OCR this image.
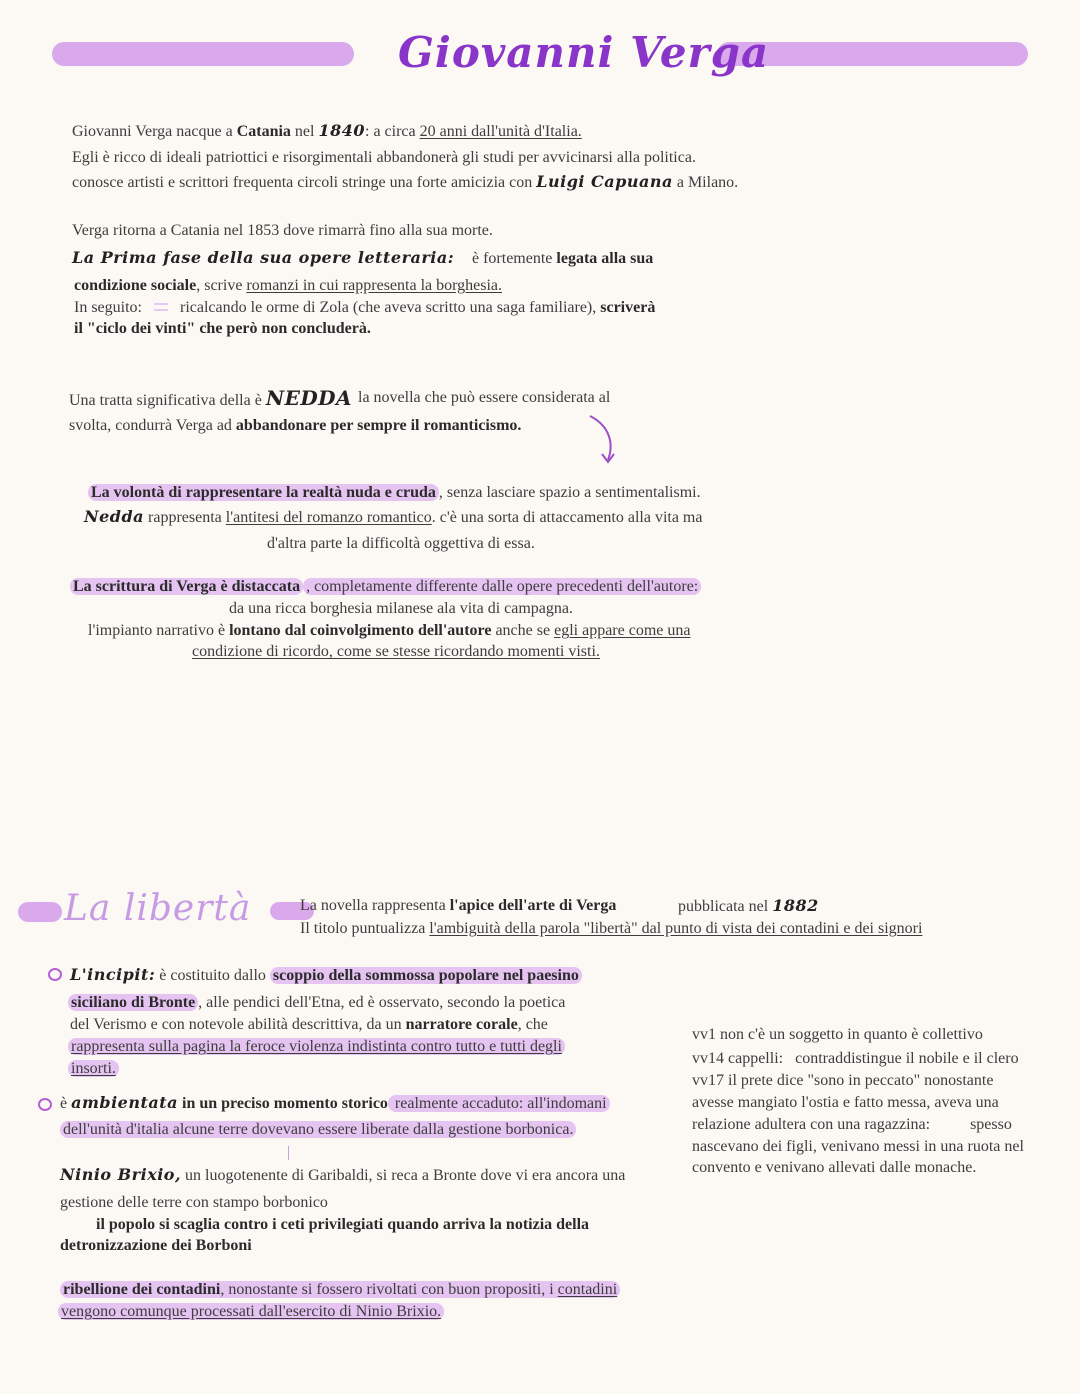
Giovanni Verga
Giovanni Verga nacque a Catania nel 1840: a circa 20 anni dall'unità d'Italia.
Egli è ricco di ideali patriottici e risorgimentali abbandonerà gli studi per avvicinarsi alla politica.
conosce artisti e scrittori frequenta circoli stringe una forte amicizia con Luigi Capuana a Milano.
Verga ritorna a Catania nel 1853 dove rimarrà fino alla sua morte.
La Prima fase della sua opere letteraria: è fortemente legata alla sua
condizione sociale, scrive romanzi in cui rappresenta la borghesia.
In seguito: ricalcando le orme di Zola (che aveva scritto una saga familiare), scriverà
il "ciclo dei vinti" che però non concluderà.
Una tratta significativa della è NEDDA la novella che può essere considerata al
svolta, condurrà Verga ad abbandonare per sempre il romanticismo.
La volontà di rappresentare la realtà nuda e cruda , senza lasciare spazio a sentimentalismi.
Nedda rappresenta l'antitesi del romanzo romantico. c'è una sorta di attaccamento alla vita ma
d'altra parte la difficoltà oggettiva di essa.
La scrittura di Verga è distaccata , completamente differente dalle opere precedenti dell'autore:
da una ricca borghesia milanese ala vita di campagna.
l'impianto narrativo è lontano dal coinvolgimento dell'autore anche se egli appare come una
condizione di ricordo, come se stesse ricordando momenti visti.
La libertà	La novella rappresenta l'apice dell'arte di Verga	pubblicata nel 1882
Il titolo puntualizza l'ambiguità della parola "libertà" dal punto di vista dei contadini e dei signori
L'incipit: è costituito dallo scoppio della sommossa popolare nel paesino
siciliano di Bronte , alle pendici dell'Etna, ed è osservato, secondo la poetica
del Verismo e con notevole abilità descrittiva, da un narratore corale, che
rappresenta sulla pagina la feroce violenza indistinta contro tutto e tutti degli
insorti.
è ambientata in un preciso momento storico realmente accaduto: all'indomani
dell'unità d'italia alcune terre dovevano essere liberate dalla gestione borbonica.
Ninio Brixio, un luogotenente di Garibaldi, si reca a Bronte dove vi era ancora una
gestione delle terre con stampo borbonico
il popolo si scaglia contro i ceti privilegiati quando arriva la notizia della
detronizzazione dei Borboni
ribellione dei contadini, nonostante si fossero rivoltati con buon propositi, i contadini
vengono comunque processati dall'esercito di Ninio Brixio.
vv1 non c'è un soggetto in quanto è collettivo
vv14 cappelli:   contraddistingue il nobile e il clero
vv17 il prete dice "sono in peccato" nonostante
avesse mangiato l'ostia e fatto messa, aveva una
relazione adultera con una ragazzina:          spesso
nascevano dei figli, venivano messi in una ruota nel
convento e venivano allevati dalle monache.
